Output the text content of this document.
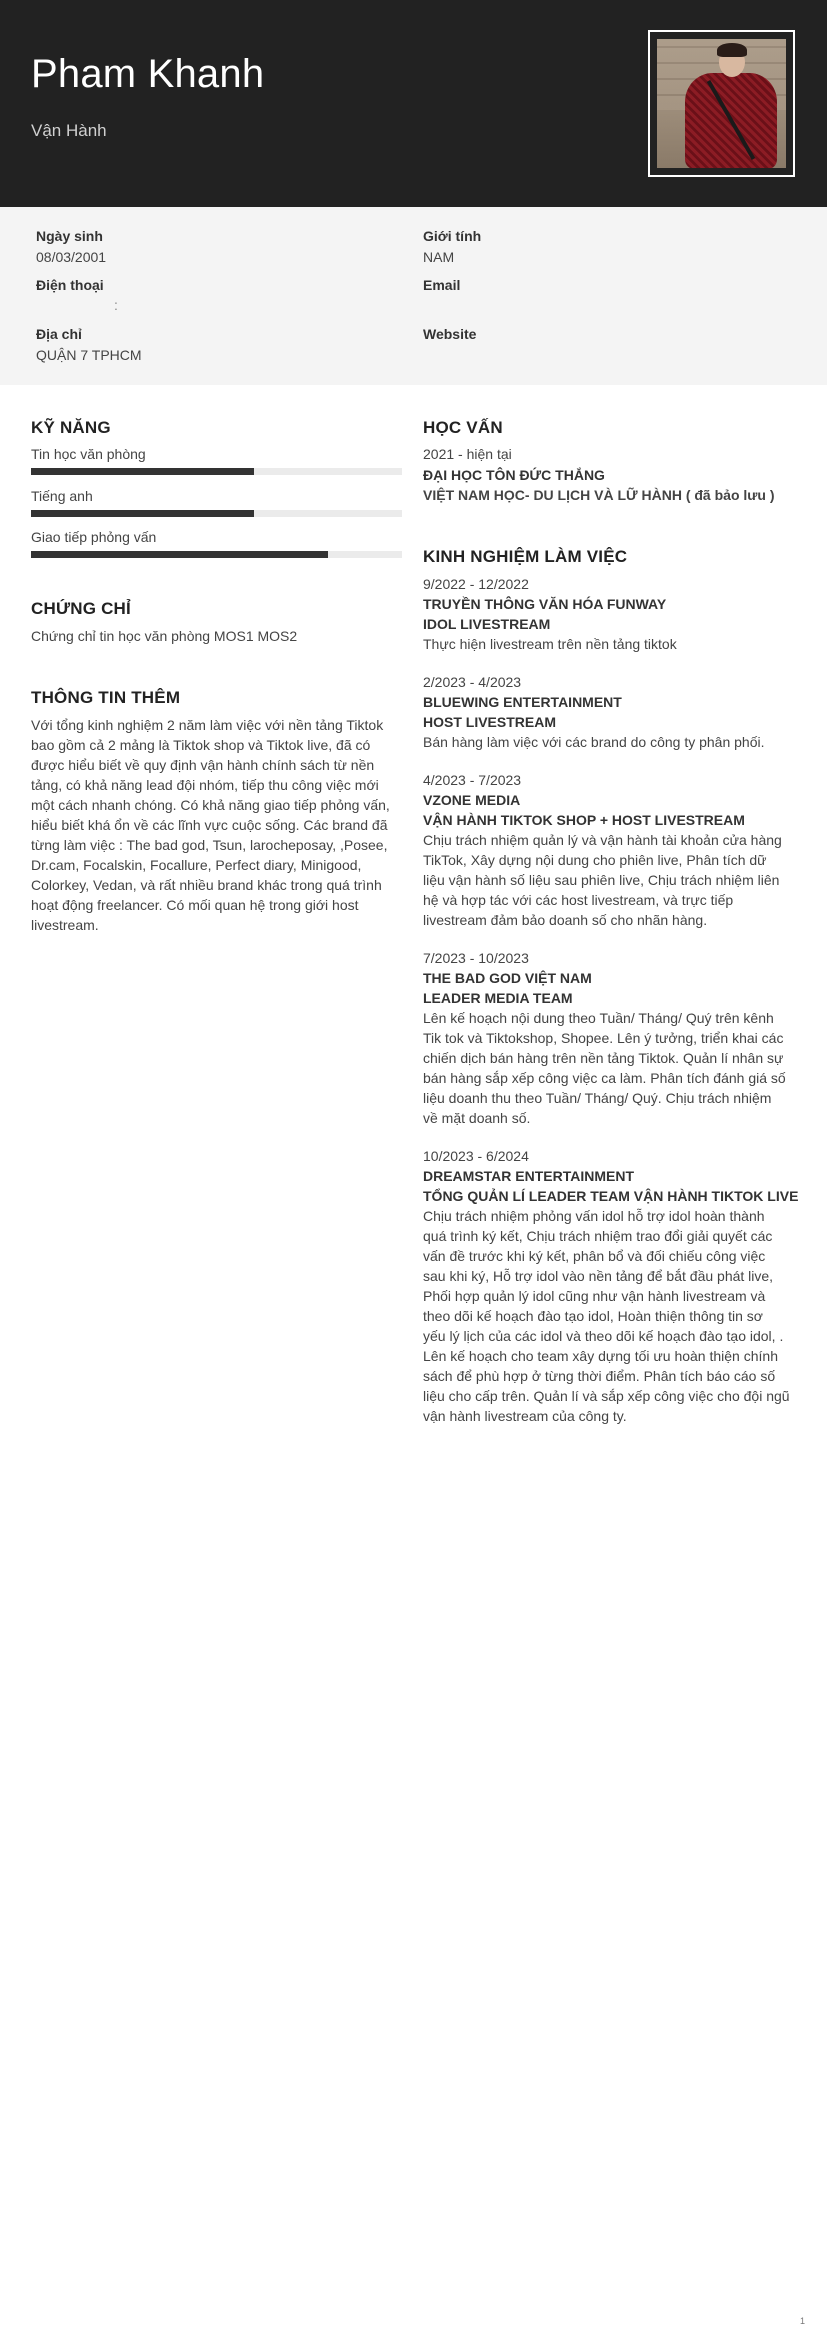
Pham Khanh
Vận Hành
Ngày sinh
08/03/2001
Giới tính
NAM
Điện thoại
:
Email
Địa chỉ
QUẬN 7 TPHCM
Website
KỸ NĂNG
Tin học văn phòng
Tiếng anh
Giao tiếp phỏng vấn
CHỨNG CHỈ
Chứng chỉ tin học văn phòng MOS1 MOS2
THÔNG TIN THÊM
Với tổng kinh nghiệm 2 năm làm việc với nền tảng Tiktok
bao gồm cả 2 mảng là Tiktok shop và Tiktok live, đã có
được hiểu biết về quy định vận hành chính sách từ nền
tảng, có khả năng lead đội nhóm, tiếp thu công việc mới
một cách nhanh chóng. Có khả năng giao tiếp phỏng vấn,
hiểu biết khá ổn về các lĩnh vực cuộc sống. Các brand đã
từng làm việc : The bad god, Tsun, larocheposay, ,Posee,
Dr.cam, Focalskin, Focallure, Perfect diary, Minigood,
Colorkey, Vedan, và rất nhiều brand khác trong quá trình
hoạt động freelancer. Có mối quan hệ trong giới host
livestream.
HỌC VẤN
2021 - hiện tại
ĐẠI HỌC TÔN ĐỨC THẮNG
VIỆT NAM HỌC- DU LỊCH VÀ LỮ HÀNH ( đã bảo lưu )
KINH NGHIỆM LÀM VIỆC
9/2022 - 12/2022
TRUYỀN THÔNG VĂN HÓA FUNWAY
IDOL LIVESTREAM
Thực hiện livestream trên nền tảng tiktok
2/2023 - 4/2023
BLUEWING ENTERTAINMENT
HOST LIVESTREAM
Bán hàng làm việc với các brand do công ty phân phối.
4/2023 - 7/2023
VZONE MEDIA
VẬN HÀNH TIKTOK SHOP + HOST LIVESTREAM
Chịu trách nhiệm quản lý và vận hành tài khoản cửa hàng
TikTok, Xây dựng nội dung cho phiên live, Phân tích dữ
liệu vận hành số liệu sau phiên live, Chịu trách nhiệm liên
hệ và hợp tác với các host livestream, và trực tiếp
livestream đảm bảo doanh số cho nhãn hàng.
7/2023 - 10/2023
THE BAD GOD VIỆT NAM
LEADER MEDIA TEAM
Lên kế hoạch nội dung theo Tuần/ Tháng/ Quý trên kênh
Tik tok và Tiktokshop, Shopee. Lên ý tưởng, triển khai các
chiến dịch bán hàng trên nền tảng Tiktok. Quản lí nhân sự
bán hàng sắp xếp công việc ca làm. Phân tích đánh giá số
liệu doanh thu theo Tuần/ Tháng/ Quý. Chịu trách nhiệm
về mặt doanh số.
10/2023 - 6/2024
DREAMSTAR ENTERTAINMENT
TỔNG QUẢN LÍ LEADER TEAM VẬN HÀNH TIKTOK LIVE
Chịu trách nhiệm phỏng vấn idol hỗ trợ idol hoàn thành
quá trình ký kết, Chịu trách nhiệm trao đổi giải quyết các
vấn đề trước khi ký kết, phân bổ và đối chiếu công việc
sau khi ký, Hỗ trợ idol vào nền tảng để bắt đầu phát live,
Phối hợp quản lý idol cũng như vận hành livestream và
theo dõi kế hoạch đào tạo idol, Hoàn thiện thông tin sơ
yếu lý lịch của các idol và theo dõi kế hoạch đào tạo idol, .
Lên kế hoạch cho team xây dựng tối ưu hoàn thiện chính
sách để phù hợp ở từng thời điểm. Phân tích báo cáo số
liệu cho cấp trên. Quản lí và sắp xếp công việc cho đội ngũ
vận hành livestream của công ty.
1
